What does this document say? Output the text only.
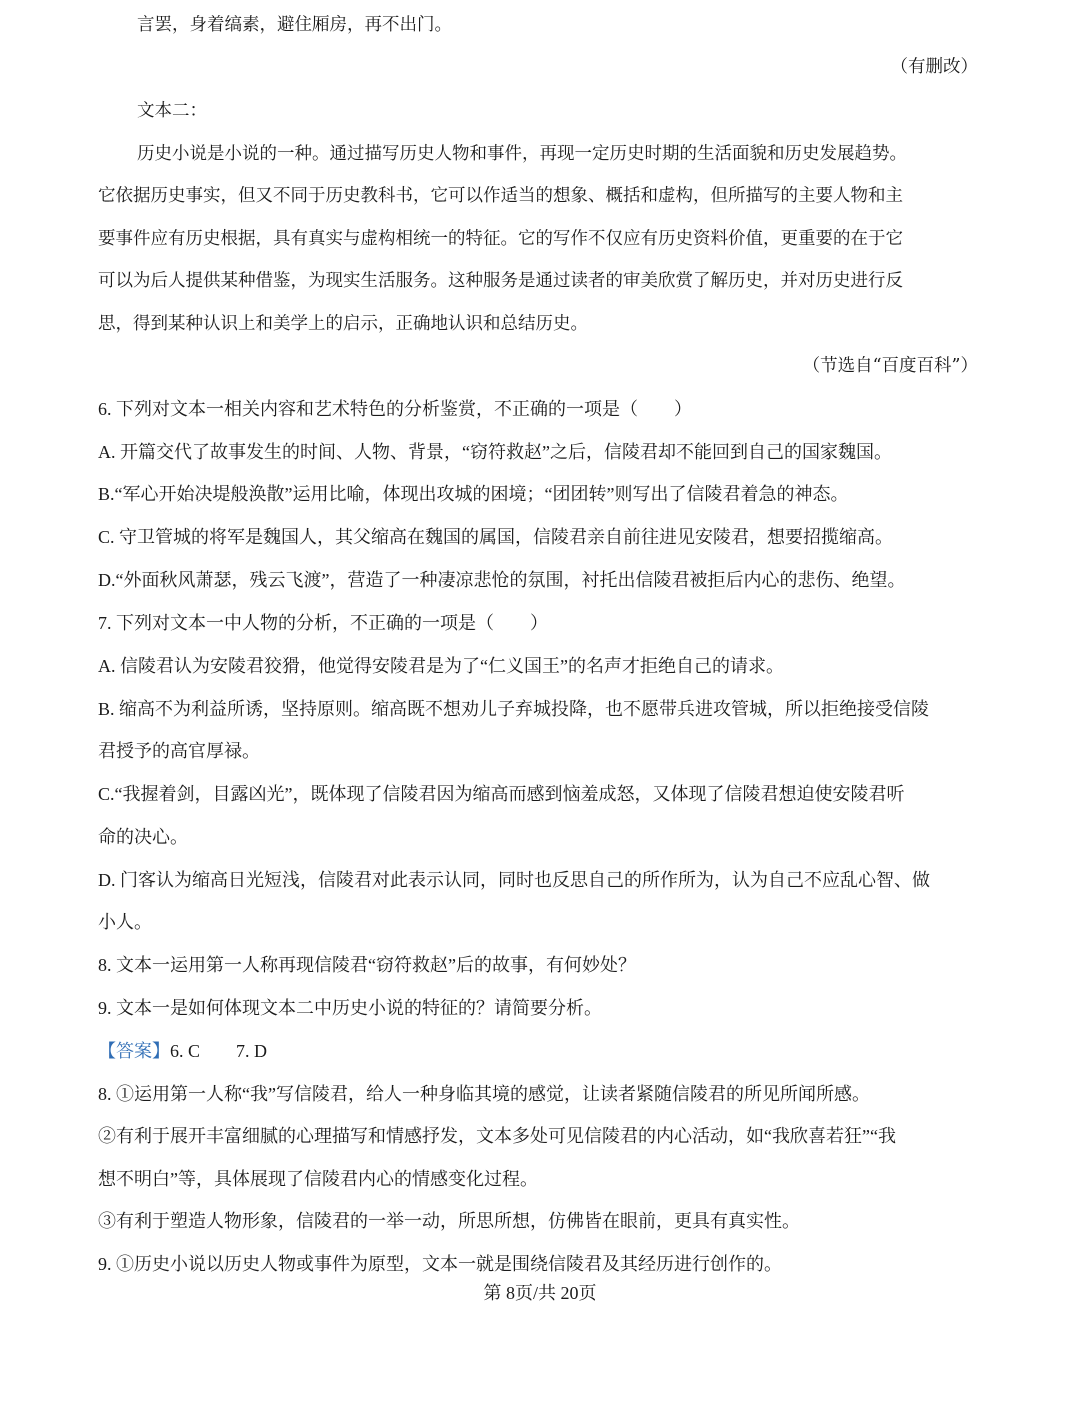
言罢，身着缟素，避住厢房，再不出门。
（有删改）
文本二：
历史小说是小说的一种。通过描写历史人物和事件，再现一定历史时期的生活面貌和历史发展趋势。
它依据历史事实，但又不同于历史教科书，它可以作适当的想象、概括和虚构，但所描写的主要人物和主
要事件应有历史根据，具有真实与虚构相统一的特征。它的写作不仅应有历史资料价值，更重要的在于它
可以为后人提供某种借鉴，为现实生活服务。这种服务是通过读者的审美欣赏了解历史，并对历史进行反
思，得到某种认识上和美学上的启示，正确地认识和总结历史。
（节选自“百度百科”）
6. 下列对文本一相关内容和艺术特色的分析鉴赏，不正确的一项是（　　）
A. 开篇交代了故事发生的时间、人物、背景，“窃符救赵”之后，信陵君却不能回到自己的国家魏国。
B.“军心开始决堤般涣散”运用比喻，体现出攻城的困境；“团团转”则写出了信陵君着急的神态。
C. 守卫管城的将军是魏国人，其父缩高在魏国的属国，信陵君亲自前往进见安陵君，想要招揽缩高。
D.“外面秋风萧瑟，残云飞渡”，营造了一种凄凉悲怆的氛围，衬托出信陵君被拒后内心的悲伤、绝望。
7. 下列对文本一中人物的分析，不正确的一项是（　　）
A. 信陵君认为安陵君狡猾，他觉得安陵君是为了“仁义国王”的名声才拒绝自己的请求。
B. 缩高不为利益所诱，坚持原则。缩高既不想劝儿子弃城投降，也不愿带兵进攻管城，所以拒绝接受信陵
君授予的高官厚禄。
C.“我握着剑，目露凶光”，既体现了信陵君因为缩高而感到恼羞成怒，又体现了信陵君想迫使安陵君听
命的决心。
D. 门客认为缩高日光短浅，信陵君对此表示认同，同时也反思自己的所作所为，认为自己不应乱心智、做
小人。
8. 文本一运用第一人称再现信陵君“窃符救赵”后的故事，有何妙处？
9. 文本一是如何体现文本二中历史小说的特征的？请简要分析。
【答案】6. C　　7. D
8. ①运用第一人称“我”写信陵君，给人一种身临其境的感觉，让读者紧随信陵君的所见所闻所感。
②有利于展开丰富细腻的心理描写和情感抒发，文本多处可见信陵君的内心活动，如“我欣喜若狂”“我
想不明白”等，具体展现了信陵君内心的情感变化过程。
③有利于塑造人物形象，信陵君的一举一动，所思所想，仿佛皆在眼前，更具有真实性。
9. ①历史小说以历史人物或事件为原型，文本一就是围绕信陵君及其经历进行创作的。
第 8页/共 20页
